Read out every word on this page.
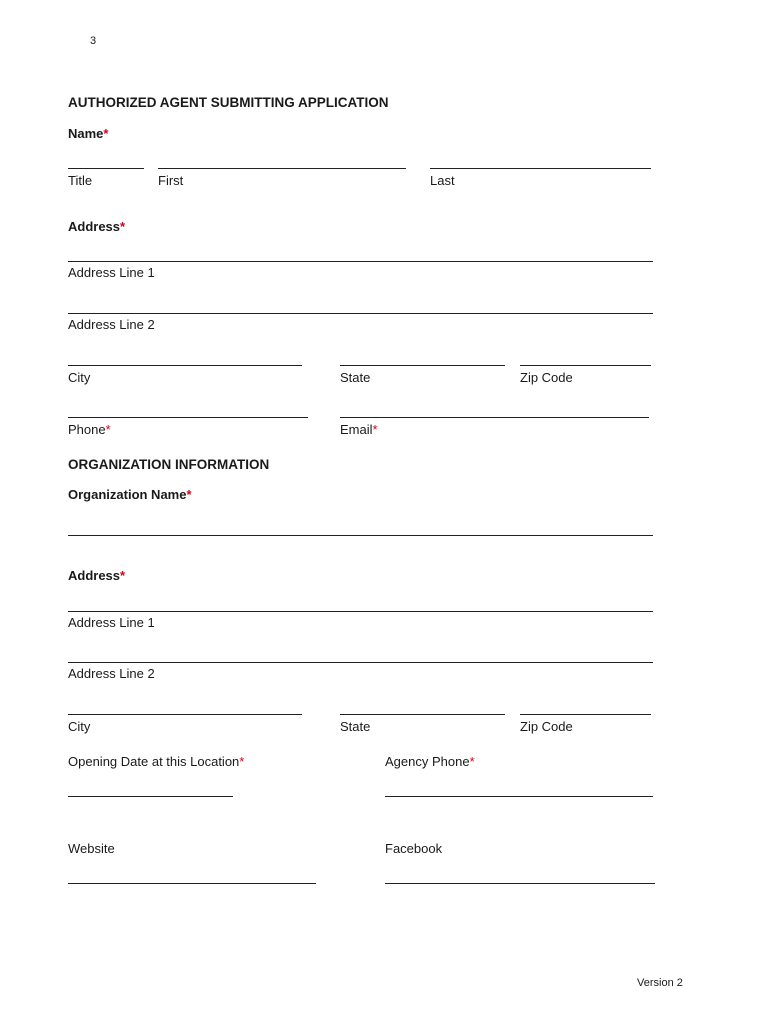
3
AUTHORIZED AGENT SUBMITTING APPLICATION
Name*
Title	First	Last
Address*
Address Line 1
Address Line 2
City	State	Zip Code
Phone*	Email*
ORGANIZATION INFORMATION
Organization Name*
Address*
Address Line 1
Address Line 2
City	State	Zip Code
Opening Date at this Location*	Agency Phone*
Website	Facebook
Version 2
